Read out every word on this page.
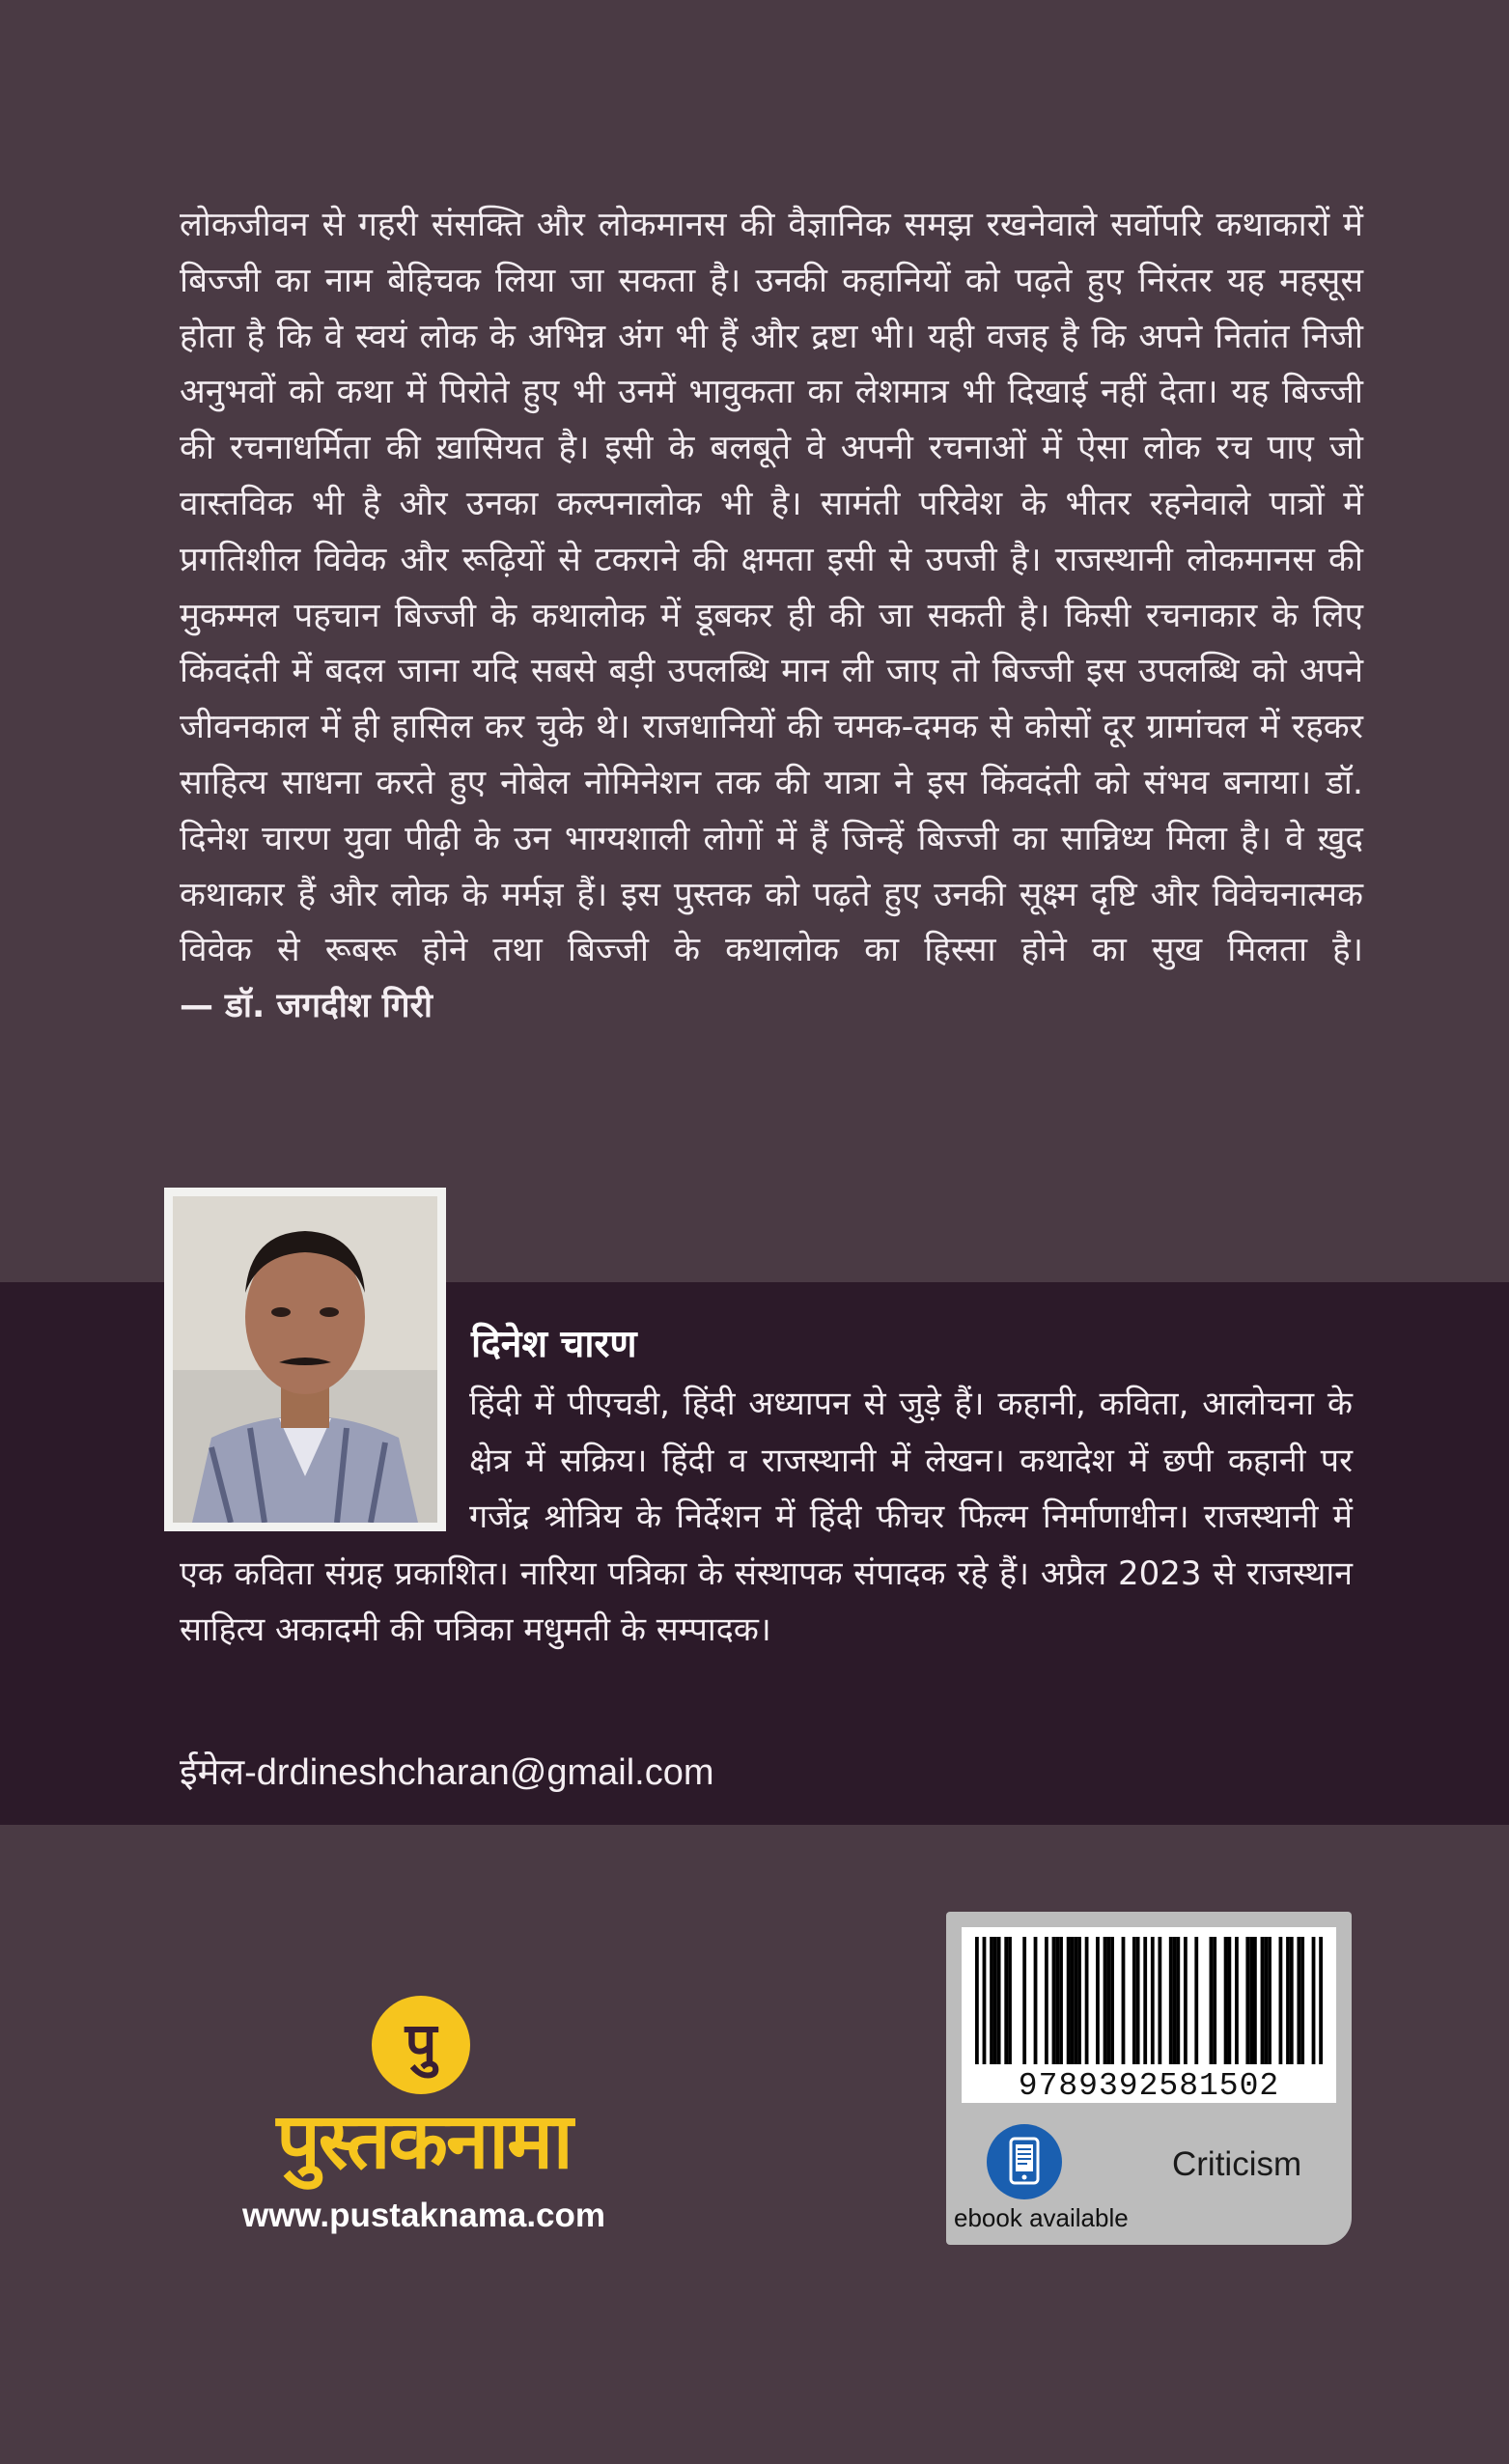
लोकजीवन से गहरी संसक्ति और लोकमानस की वैज्ञानिक समझ रखनेवाले सर्वोपरि कथाकारों में बिज्जी का नाम बेहिचक लिया जा सकता है। उनकी कहानियों को पढ़ते हुए निरंतर यह महसूस होता है कि वे स्वयं लोक के अभिन्न अंग भी हैं और द्रष्टा भी। यही वजह है कि अपने नितांत निजी अनुभवों को कथा में पिरोते हुए भी उनमें भावुकता का लेशमात्र भी दिखाई नहीं देता। यह बिज्जी की रचनाधर्मिता की ख़ासियत है। इसी के बलबूते वे अपनी रचनाओं में ऐसा लोक रच पाए जो वास्तविक भी है और उनका कल्पनालोक भी है। सामंती परिवेश के भीतर रहनेवाले पात्रों में प्रगतिशील विवेक और रूढ़ियों से टकराने की क्षमता इसी से उपजी है। राजस्थानी लोकमानस की मुकम्मल पहचान बिज्जी के कथालोक में डूबकर ही की जा सकती है। किसी रचनाकार के लिए किंवदंती में बदल जाना यदि सबसे बड़ी उपलब्धि मान ली जाए तो बिज्जी इस उपलब्धि को अपने जीवनकाल में ही हासिल कर चुके थे। राजधानियों की चमक-दमक से कोसों दूर ग्रामांचल में रहकर साहित्य साधना करते हुए नोबेल नोमिनेशन तक की यात्रा ने इस किंवदंती को संभव बनाया। डॉ. दिनेश चारण युवा पीढ़ी के उन भाग्यशाली लोगों में हैं जिन्हें बिज्जी का सान्निध्य मिला है। वे ख़ुद कथाकार हैं और लोक के मर्मज्ञ हैं। इस पुस्तक को पढ़ते हुए उनकी सूक्ष्म दृष्टि और विवेचनात्मक विवेक से रूबरू होने तथा बिज्जी के कथालोक का हिस्सा होने का सुख मिलता है। — डॉ. जगदीश गिरी
दिनेश चारण
हिंदी में पीएचडी, हिंदी अध्यापन से जुड़े हैं। कहानी, कविता, आलोचना के क्षेत्र में सक्रिय। हिंदी व राजस्थानी में लेखन। कथादेश में छपी कहानी पर गजेंद्र श्रोत्रिय के निर्देशन में हिंदी फीचर फिल्म निर्माणाधीन। राजस्थानी में एक कविता संग्रह प्रकाशित। नारिया पत्रिका के संस्थापक संपादक रहे हैं। अप्रैल 2023 से राजस्थान साहित्य अकादमी की पत्रिका मधुमती के सम्पादक।
ईमेल-drdineshcharan@gmail.com
पु
पुस्तकनामा
www.pustaknama.com
9789392581502
ebook available
Criticism
